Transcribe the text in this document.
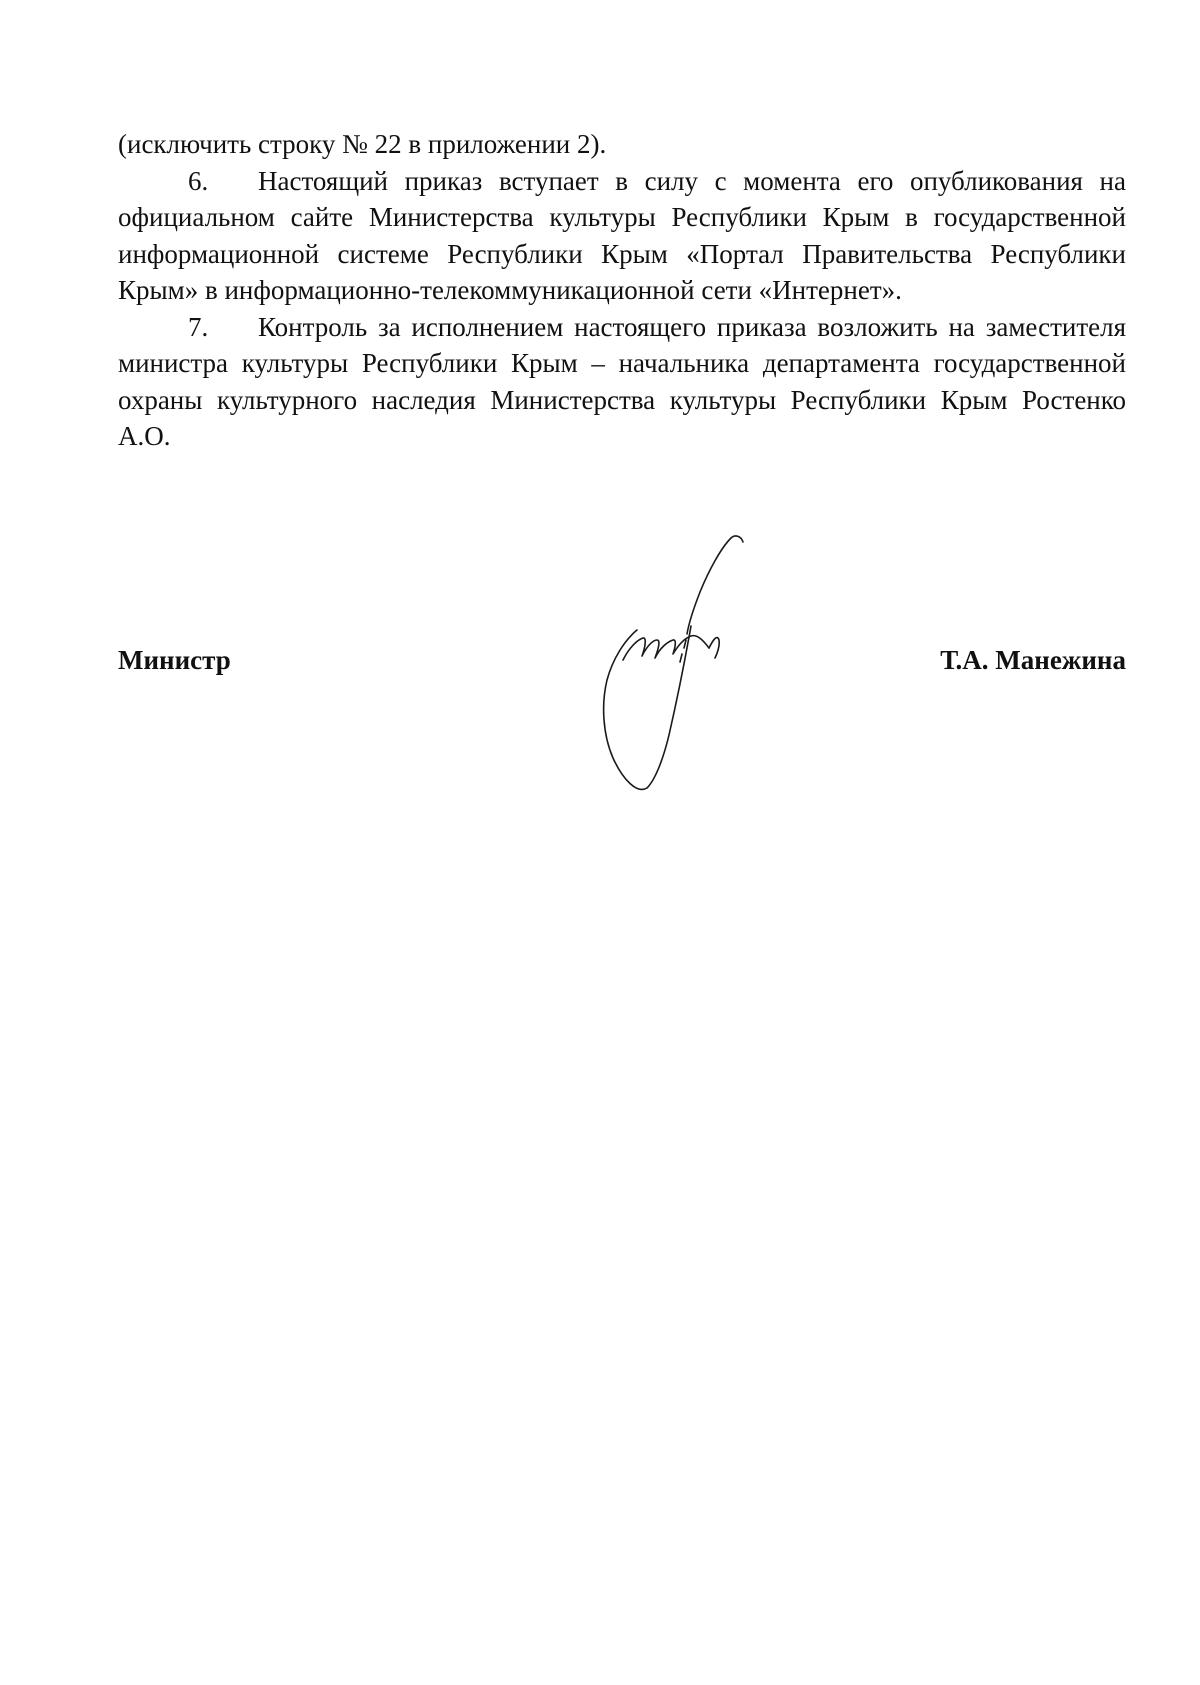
(исключить строку № 22 в приложении 2).

6. Настоящий приказ вступает в силу с момента его опубликования на официальном сайте Министерства культуры Республики Крым в государственной информационной системе Республики Крым «Портал Правительства Республики Крым» в информационно-телекоммуникационной сети «Интернет».

7. Контроль за исполнением настоящего приказа возложить на заместителя министра культуры Республики Крым – начальника департамента государственной охраны культурного наследия Министерства культуры Республики Крым Ростенко А.О.

Министр	Т.А. Манежина
